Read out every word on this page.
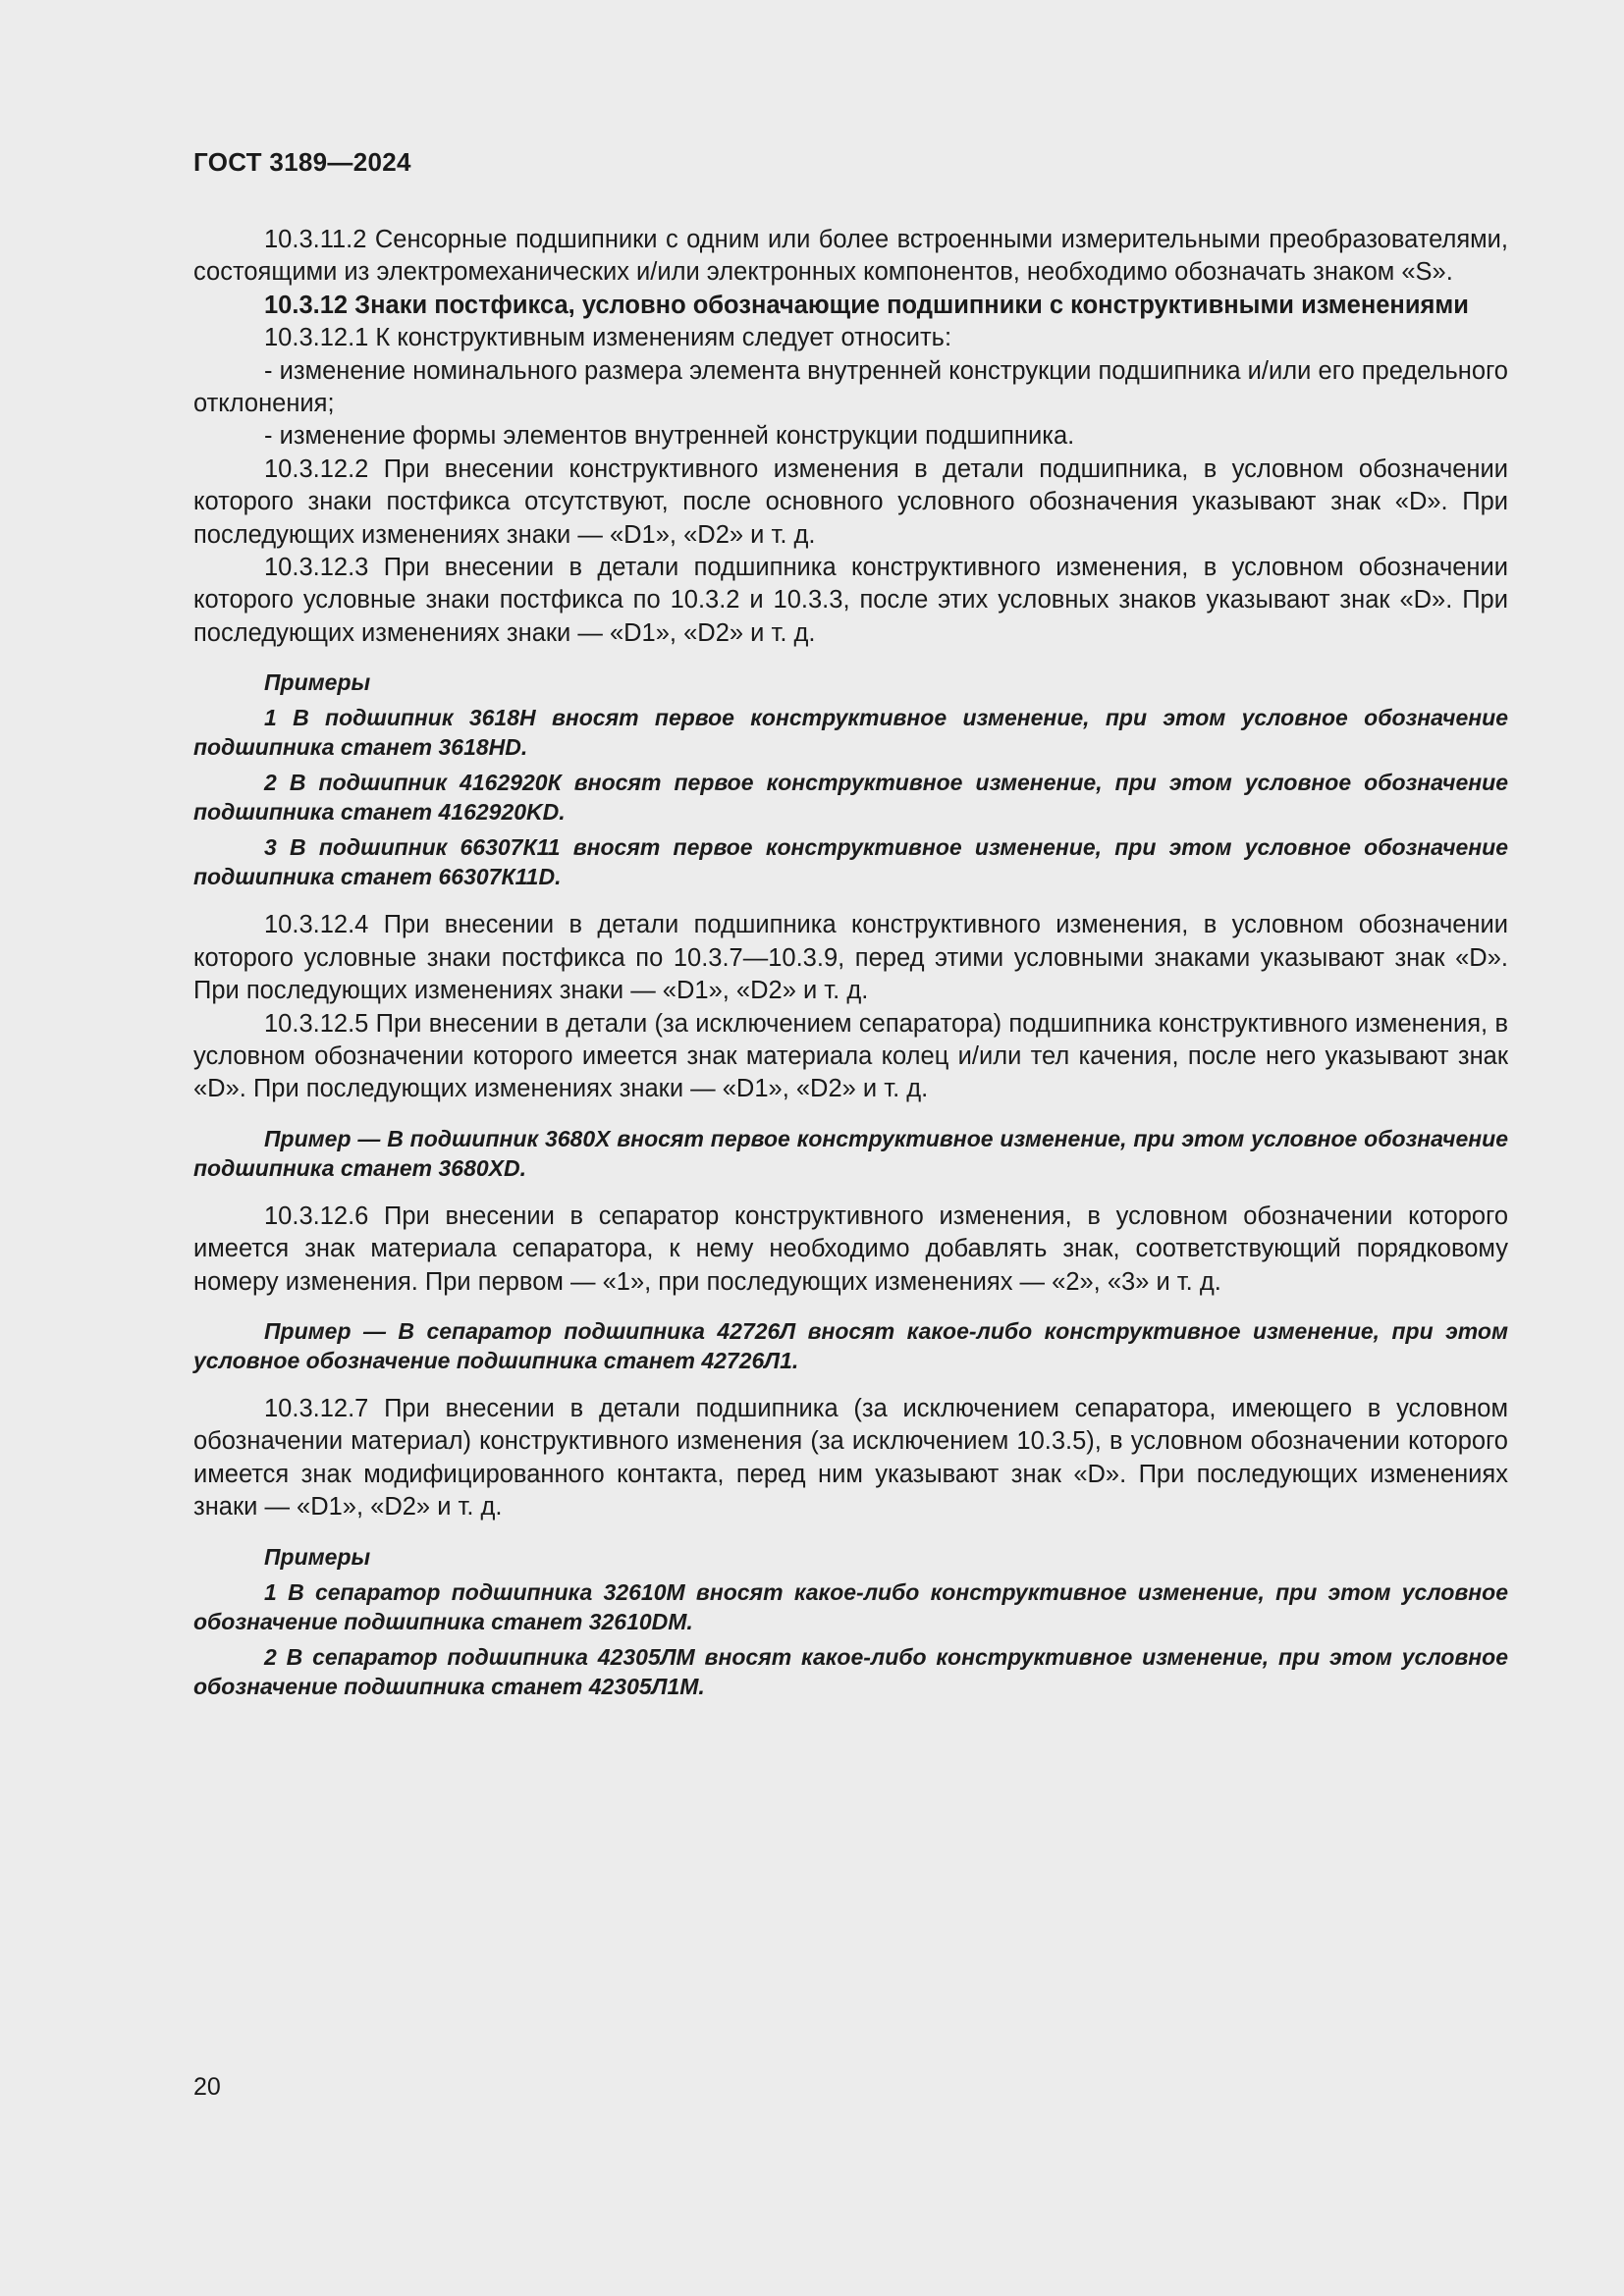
ГОСТ 3189—2024

10.3.11.2 Сенсорные подшипники с одним или более встроенными измерительными преобразователями, состоящими из электромеханических и/или электронных компонентов, необходимо обозначать знаком «S».

10.3.12 Знаки постфикса, условно обозначающие подшипники с конструктивными изменениями

10.3.12.1 К конструктивным изменениям следует относить:

- изменение номинального размера элемента внутренней конструкции подшипника и/или его предельного отклонения;

- изменение формы элементов внутренней конструкции подшипника.

10.3.12.2 При внесении конструктивного изменения в детали подшипника, в условном обозначении которого знаки постфикса отсутствуют, после основного условного обозначения указывают знак «D». При последующих изменениях знаки — «D1», «D2» и т. д.

10.3.12.3 При внесении в детали подшипника конструктивного изменения, в условном обозначении которого условные знаки постфикса по 10.3.2 и 10.3.3, после этих условных знаков указывают знак «D». При последующих изменениях знаки — «D1», «D2» и т. д.

Примеры

1 В подшипник 3618Н вносят первое конструктивное изменение, при этом условное обозначение подшипника станет 3618HD.

2 В подшипник 4162920К вносят первое конструктивное изменение, при этом условное обозначение подшипника станет 4162920KD.

3 В подшипник 66307К11 вносят первое конструктивное изменение, при этом условное обозначение подшипника станет 66307К11D.

10.3.12.4 При внесении в детали подшипника конструктивного изменения, в условном обозначении которого условные знаки постфикса по 10.3.7—10.3.9, перед этими условными знаками указывают знак «D». При последующих изменениях знаки — «D1», «D2» и т. д.

10.3.12.5 При внесении в детали (за исключением сепаратора) подшипника конструктивного изменения, в условном обозначении которого имеется знак материала колец и/или тел качения, после него указывают знак «D». При последующих изменениях знаки — «D1», «D2» и т. д.

Пример — В подшипник 3680Х вносят первое конструктивное изменение, при этом условное обозначение подшипника станет 3680XD.

10.3.12.6 При внесении в сепаратор конструктивного изменения, в условном обозначении которого имеется знак материала сепаратора, к нему необходимо добавлять знак, соответствующий порядковому номеру изменения. При первом — «1», при последующих изменениях — «2», «3» и т. д.

Пример — В сепаратор подшипника 42726Л вносят какое-либо конструктивное изменение, при этом условное обозначение подшипника станет 42726Л1.

10.3.12.7 При внесении в детали подшипника (за исключением сепаратора, имеющего в условном обозначении материал) конструктивного изменения (за исключением 10.3.5), в условном обозначении которого имеется знак модифицированного контакта, перед ним указывают знак «D». При последующих изменениях знаки — «D1», «D2» и т. д.

Примеры

1 В сепаратор подшипника 32610М вносят какое-либо конструктивное изменение, при этом условное обозначение подшипника станет 32610DM.

2 В сепаратор подшипника 42305ЛМ вносят какое-либо конструктивное изменение, при этом условное обозначение подшипника станет 42305Л1М.

20
